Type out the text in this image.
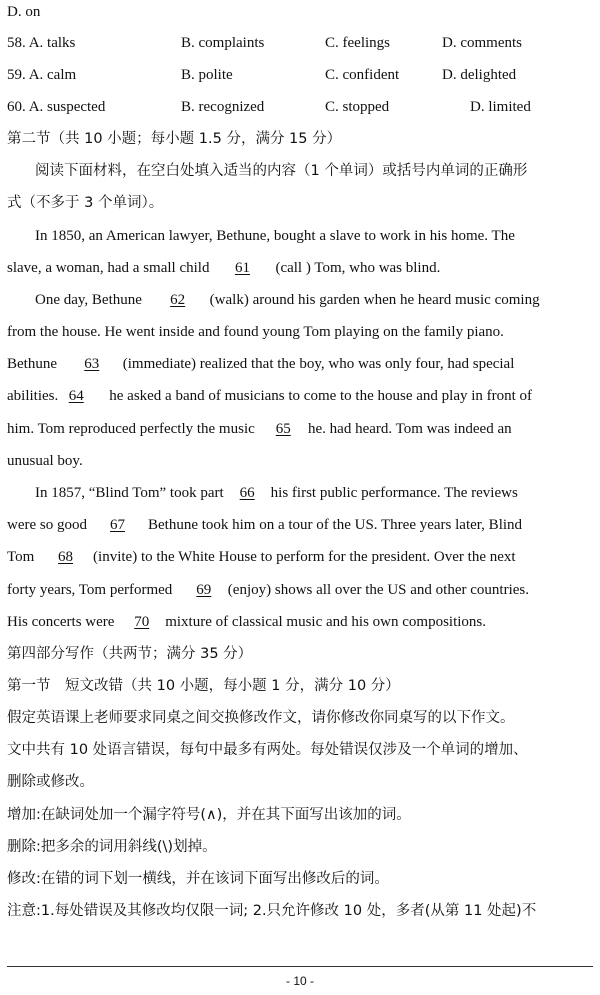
D. on
58. A. talks	B. complaints	C. feelings	D. comments
59. A. calm	B. polite	C. confident	D. delighted
60. A. suspected	B. recognized	C. stopped	D. limited
第二节（共 10 小题；每小题 1.5 分，满分 15 分）
阅读下面材料，在空白处填入适当的内容（1 个单词）或括号内单词的正确形
式（不多于 3 个单词）。
In 1850, an American lawyer, Bethune, bought a slave to work in his home. The
slave, a woman, had a small child 61 (call ) Tom, who was blind.
One day, Bethune 62 (walk) around his garden when he heard music coming
from the house. He went inside and found young Tom playing on the family piano.
Bethune 63 (immediate) realized that the boy, who was only four, had special
abilities. 64 he asked a band of musicians to come to the house and play in front of
him. Tom reproduced perfectly the music 65 he. had heard. Tom was indeed an
unusual boy.
In 1857, “Blind Tom” took part 66 his first public performance. The reviews
were so good 67 Bethune took him on a tour of the US. Three years later, Blind
Tom 68 (invite) to the White House to perform for the president. Over the next
forty years, Tom performed 69 (enjoy) shows all over the US and other countries.
His concerts were 70 mixture of classical music and his own compositions.
第四部分写作（共两节；满分 35 分）
第一节　短文改错（共 10 小题，每小题 1 分，满分 10 分）
假定英语课上老师要求同桌之间交换修改作文，请你修改你同桌写的以下作文。
文中共有 10 处语言错误，每句中最多有两处。每处错误仅涉及一个单词的增加、
删除或修改。
增加:在缺词处加一个漏字符号(∧)，并在其下面写出该加的词。
删除:把多余的词用斜线(\)划掉。
修改:在错的词下划一横线，并在该词下面写出修改后的词。
注意:1.每处错误及其修改均仅限一词; 2.只允许修改 10 处，多者(从第 11 处起)不
- 10 -
